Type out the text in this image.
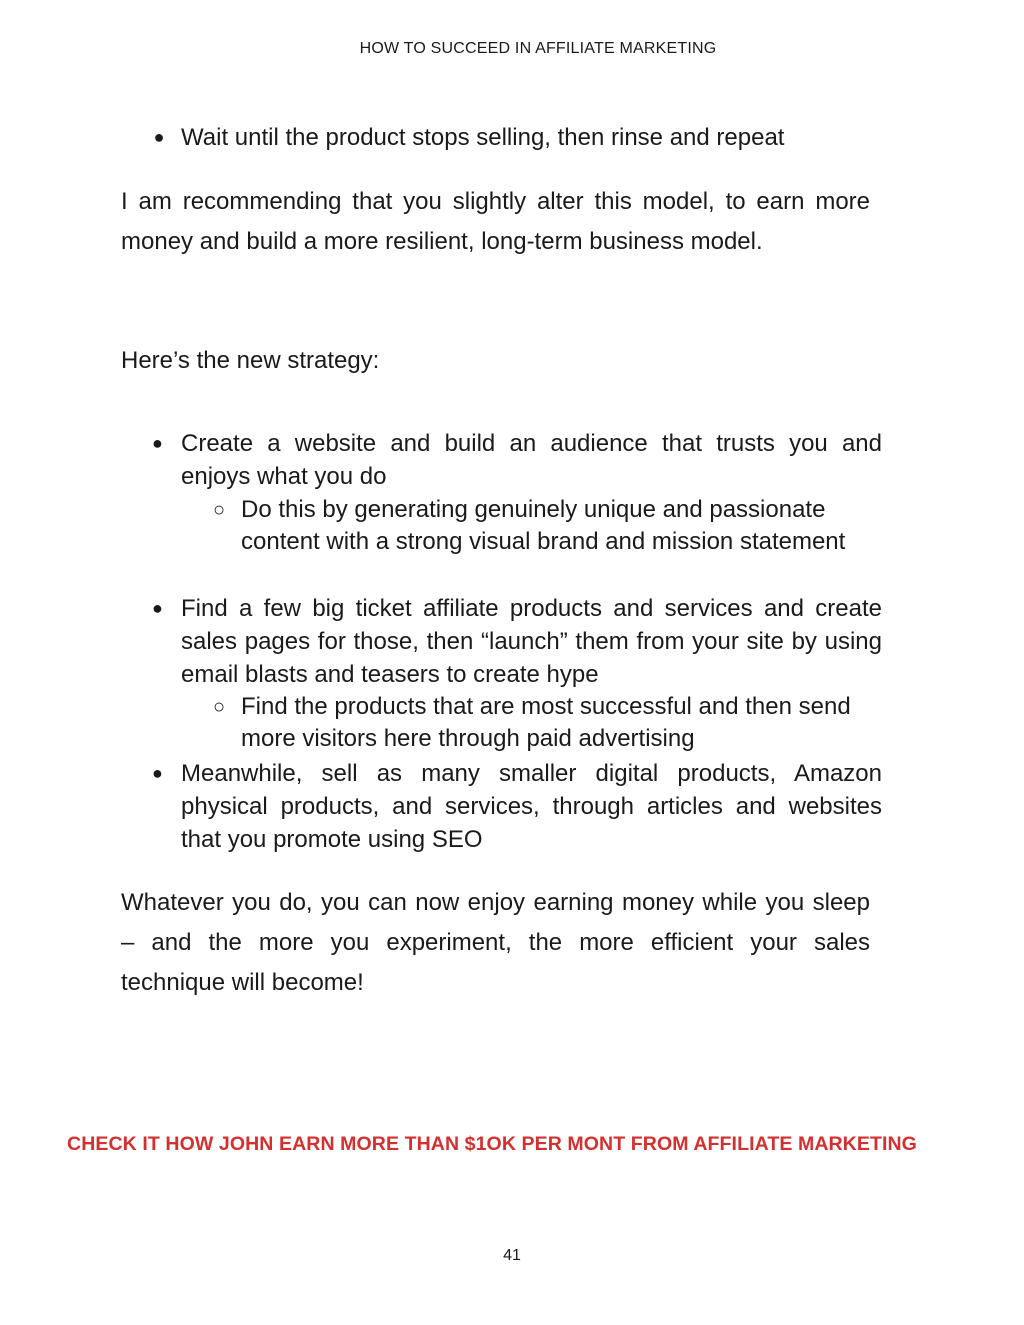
HOW TO SUCCEED IN AFFILIATE MARKETING
● Wait until the product stops selling, then rinse and repeat
I am recommending that you slightly alter this model, to earn more money and build a more resilient, long-term business model.
Here’s the new strategy:
● Create a website and build an audience that trusts you and enjoys what you do
○ Do this by generating genuinely unique and passionate content with a strong visual brand and mission statement
● Find a few big ticket affiliate products and services and create sales pages for those, then “launch” them from your site by using email blasts and teasers to create hype
○ Find the products that are most successful and then send more visitors here through paid advertising
● Meanwhile, sell as many smaller digital products, Amazon physical products, and services, through articles and websites that you promote using SEO
Whatever you do, you can now enjoy earning money while you sleep – and the more you experiment, the more efficient your sales technique will become!
CHECK IT HOW JOHN EARN MORE THAN $1OK PER MONT FROM AFFILIATE MARKETING
41
